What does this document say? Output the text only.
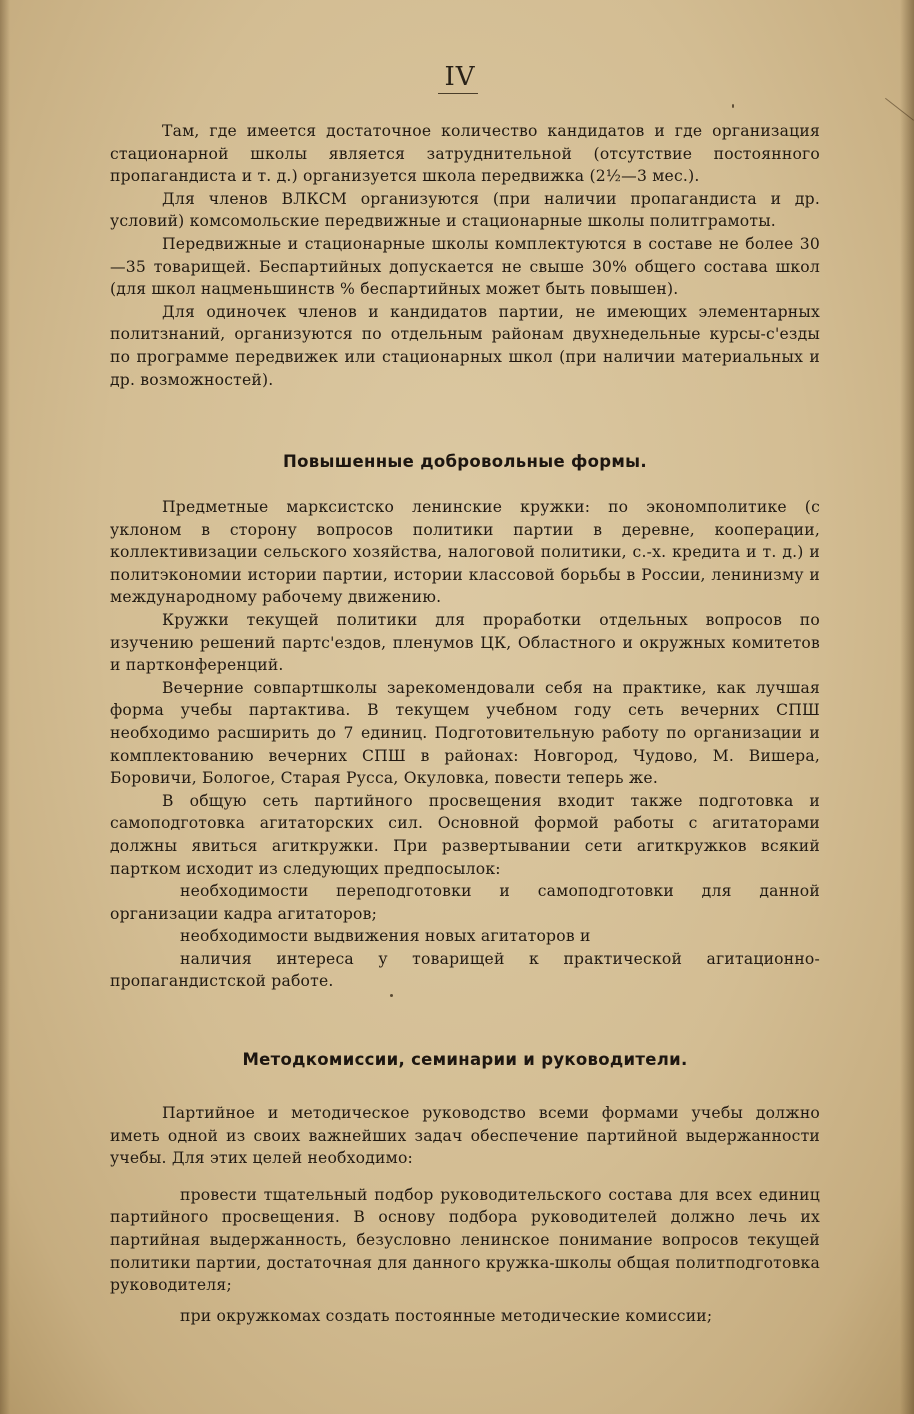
IV

Там, где имеется достаточное количество кандидатов и где организация стационарной школы является затруднительной (отсутствие постоянного пропагандиста и т. д.) организуется школа передвижка (2½—3 мес.).

Для членов ВЛКСМ организуются (при наличии пропагандиста и др. условий) комсомольские передвижные и стационарные школы политграмоты.

Передвижные и стационарные школы комплектуются в составе не более 30—35 товарищей. Беспартийных допускается не свыше 30% общего состава школ (для школ нацменьшинств % беспартийных может быть повышен).

Для одиночек членов и кандидатов партии, не имеющих элементарных политзнаний, организуются по отдельным районам двухнедельные курсы-с'езды по программе передвижек или стационарных школ (при наличии материальных и др. возможностей).

Повышенные добровольные формы.

Предметные марксистско ленинские кружки: по экономполитике (с уклоном в сторону вопросов политики партии в деревне, кооперации, коллективизации сельского хозяйства, налоговой политики, с.-х. кредита и т. д.) и политэкономии истории партии, истории классовой борьбы в России, ленинизму и международному рабочему движению.

Кружки текущей политики для проработки отдельных вопросов по изучению решений партс'ездов, пленумов ЦК, Областного и окружных комитетов и партконференций.

Вечерние совпартшколы зарекомендовали себя на практике, как лучшая форма учебы партактива. В текущем учебном году сеть вечерних СПШ необходимо расширить до 7 единиц. Подготовительную работу по организации и комплектованию вечерних СПШ в районах: Новгород, Чудово, М. Вишера, Боровичи, Бологое, Старая Русса, Окуловка, повести теперь же.

В общую сеть партийного просвещения входит также подготовка и самоподготовка агитаторских сил. Основной формой работы с агитаторами должны явиться агиткружки. При развертывании сети агиткружков всякий партком исходит из следующих предпосылок:

необходимости переподготовки и самоподготовки для данной организации кадра агитаторов;

необходимости выдвижения новых агитаторов и

наличия интереса у товарищей к практической агитационно-пропагандистской работе.

Методкомиссии, семинарии и руководители.

Партийное и методическое руководство всеми формами учебы должно иметь одной из своих важнейших задач обеспечение партийной выдержанности учебы. Для этих целей необходимо:

провести тщательный подбор руководительского состава для всех единиц партийного просвещения. В основу подбора руководителей должно лечь их партийная выдержанность, безусловно ленинское понимание вопросов текущей политики партии, достаточная для данного кружка-школы общая политподготовка руководителя;

при окружкомах создать постоянные методические комиссии;
